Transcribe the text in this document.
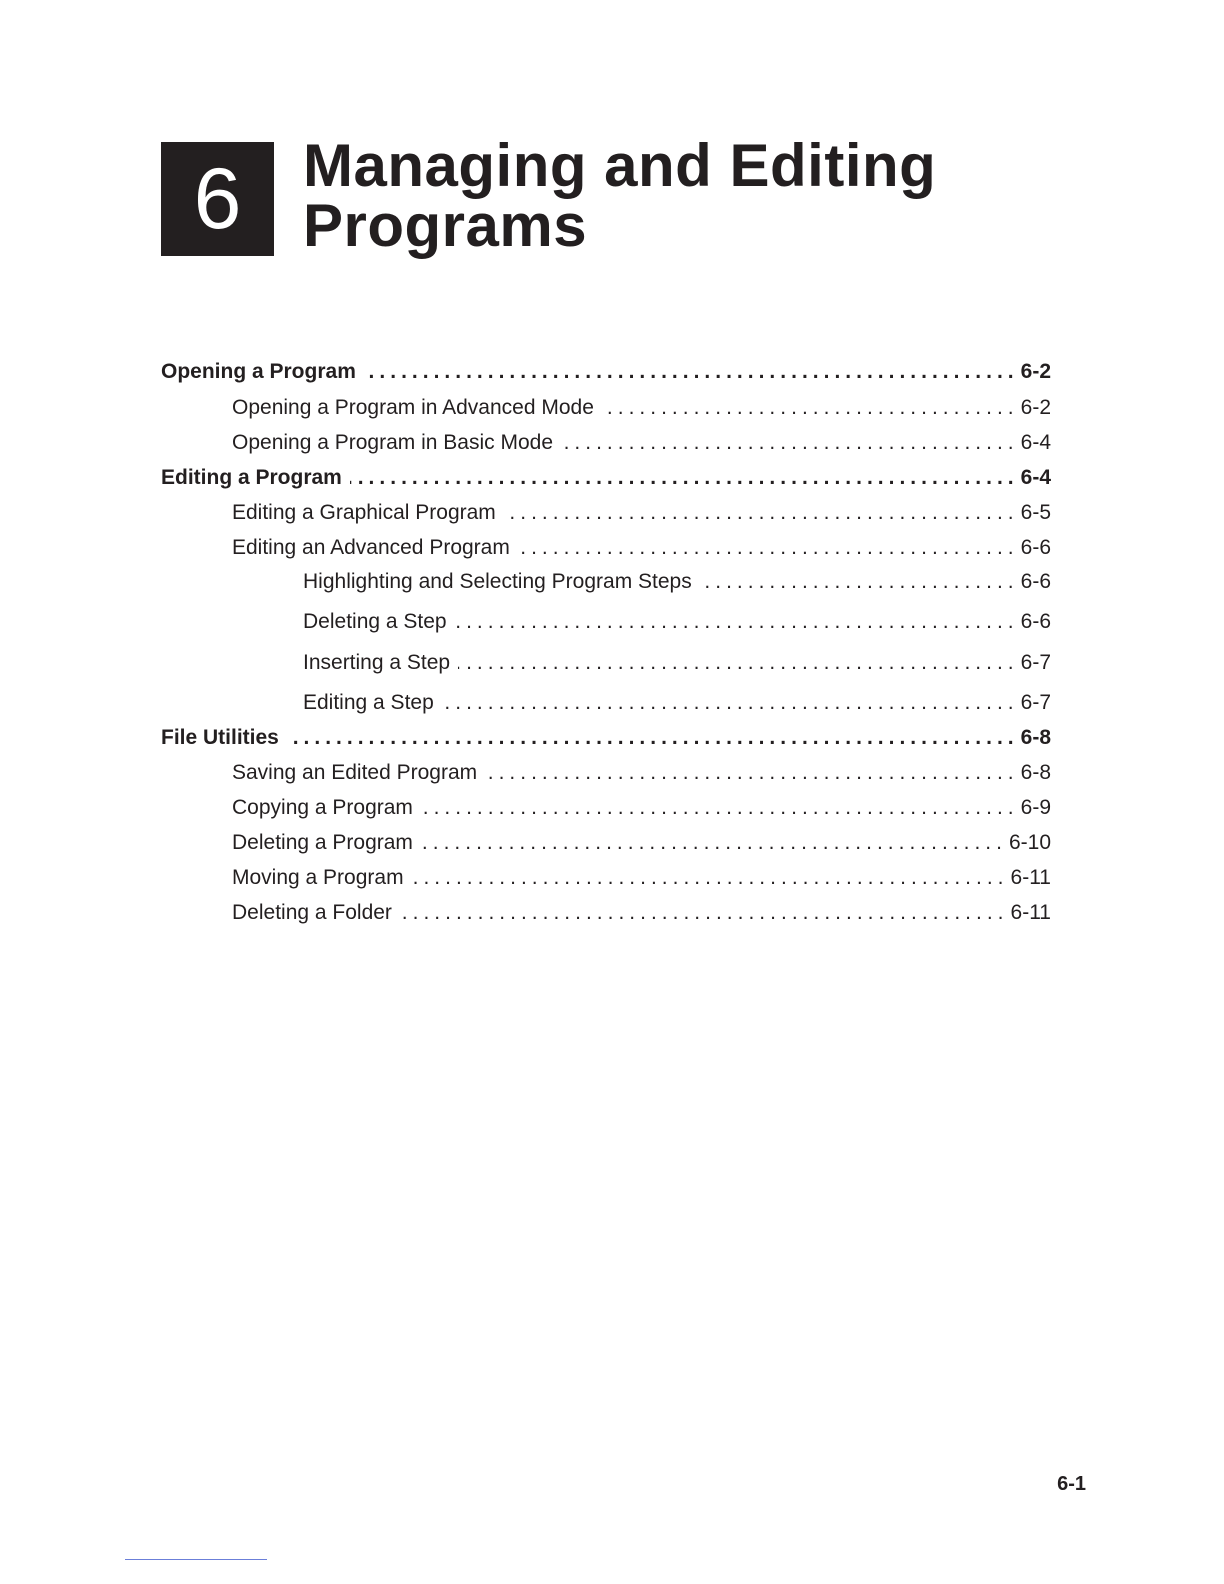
6	Managing and Editing
Programs
Opening a Program .....	6-2
Opening a Program in Advanced Mode .....	6-2
Opening a Program in Basic Mode .....	6-4
Editing a Program .....	6-4
Editing a Graphical Program .....	6-5
Editing an Advanced Program .....	6-6
Highlighting and Selecting Program Steps .....	6-6
Deleting a Step .....	6-6
Inserting a Step .....	6-7
Editing a Step .....	6-7
File Utilities .....	6-8
Saving an Edited Program .....	6-8
Copying a Program .....	6-9
Deleting a Program .....	6-10
Moving a Program .....	6-11
Deleting a Folder .....	6-11
6-1
